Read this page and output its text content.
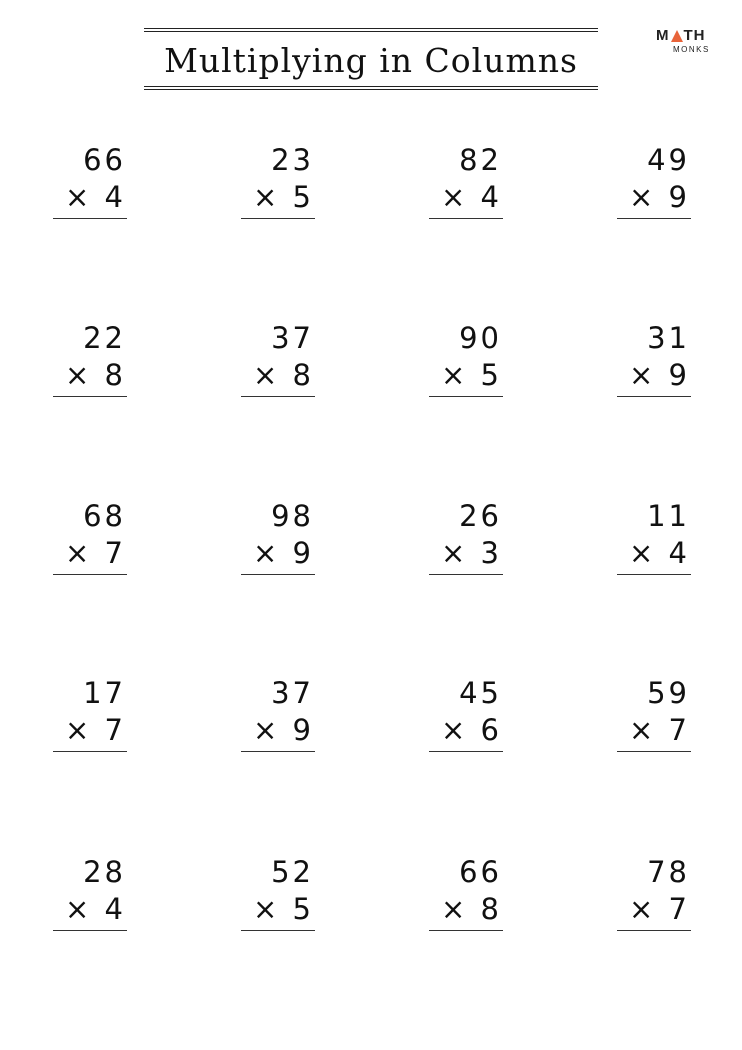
Multiplying in Columns
M TH
MONKS
66
× 4
23
× 5
82
× 4
49
× 9
22
× 8
37
× 8
90
× 5
31
× 9
68
× 7
98
× 9
26
× 3
11
× 4
17
× 7
37
× 9
45
× 6
59
× 7
28
× 4
52
× 5
66
× 8
78
× 7
